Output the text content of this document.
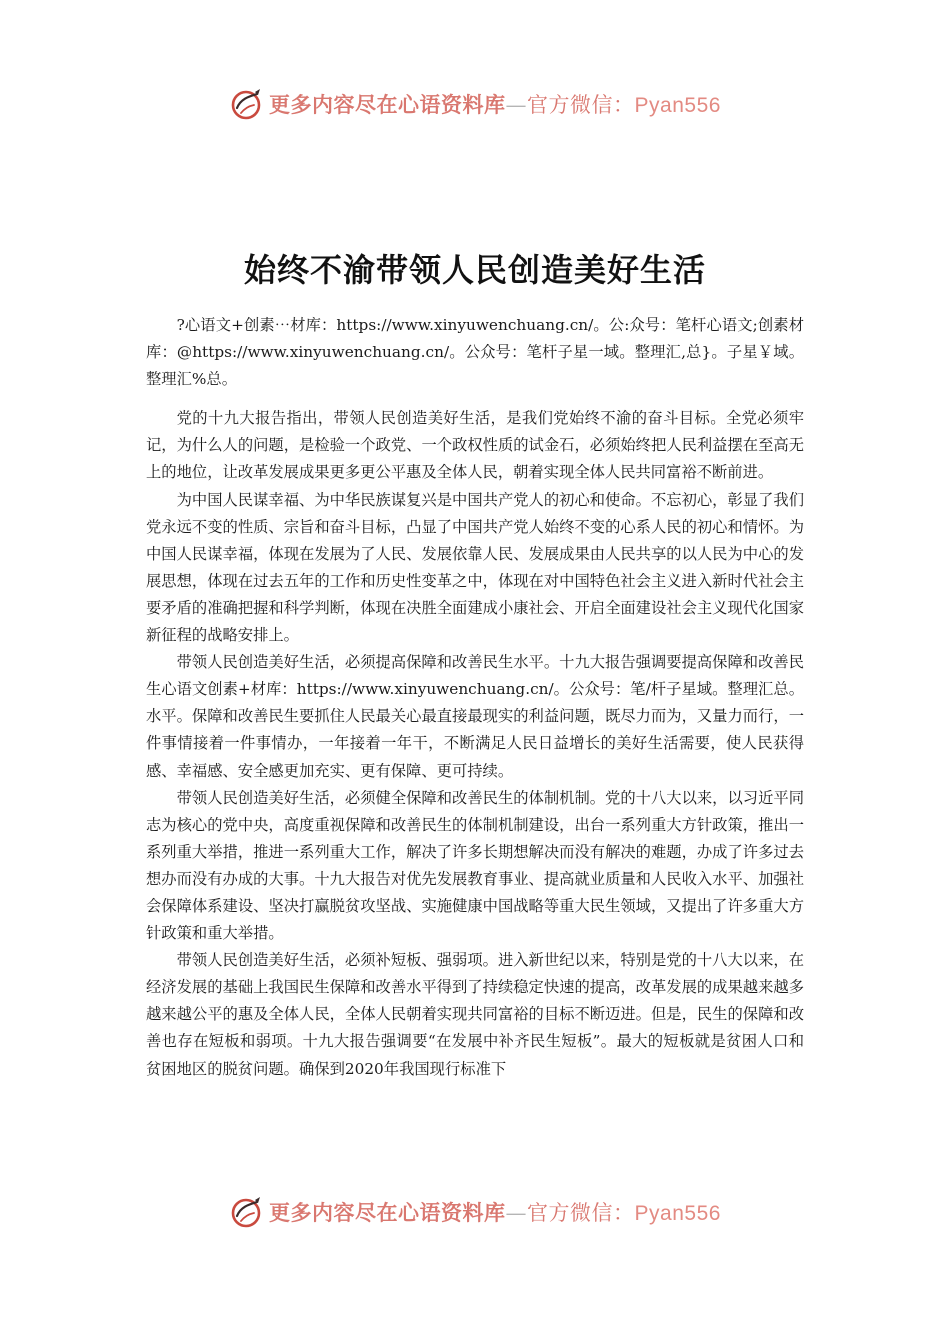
更多内容尽在心语资料库—官方微信：Pyan556
始终不渝带领人民创造美好生活

?心语文+创素⋯材库：https://www.xinyuwenchuang.cn/。公:众号：笔杆心语文;创素材库：@https://www.xinyuwenchuang.cn/。公众号：笔杆子星一域。整理汇,总}。子星￥域。整理汇%总。

党的十九大报告指出，带领人民创造美好生活，是我们党始终不渝的奋斗目标。全党必须牢记，为什么人的问题，是检验一个政党、一个政权性质的试金石，必须始终把人民利益摆在至高无上的地位，让改革发展成果更多更公平惠及全体人民，朝着实现全体人民共同富裕不断前进。

为中国人民谋幸福、为中华民族谋复兴是中国共产党人的初心和使命。不忘初心，彰显了我们党永远不变的性质、宗旨和奋斗目标，凸显了中国共产党人始终不变的心系人民的初心和情怀。为中国人民谋幸福，体现在发展为了人民、发展依靠人民、发展成果由人民共享的以人民为中心的发展思想，体现在过去五年的工作和历史性变革之中，体现在对中国特色社会主义进入新时代社会主要矛盾的准确把握和科学判断，体现在决胜全面建成小康社会、开启全面建设社会主义现代化国家新征程的战略安排上。

带领人民创造美好生活，必须提高保障和改善民生水平。十九大报告强调要提高保障和改善民生心语文创素+材库：https://www.xinyuwenchuang.cn/。公众号：笔/杆子星域。整理汇总。水平。保障和改善民生要抓住人民最关心最直接最现实的利益问题，既尽力而为，又量力而行，一件事情接着一件事情办，一年接着一年干，不断满足人民日益增长的美好生活需要，使人民获得感、幸福感、安全感更加充实、更有保障、更可持续。

带领人民创造美好生活，必须健全保障和改善民生的体制机制。党的十八大以来，以习近平同志为核心的党中央，高度重视保障和改善民生的体制机制建设，出台一系列重大方针政策，推出一系列重大举措，推进一系列重大工作，解决了许多长期想解决而没有解决的难题，办成了许多过去想办而没有办成的大事。十九大报告对优先发展教育事业、提高就业质量和人民收入水平、加强社会保障体系建设、坚决打赢脱贫攻坚战、实施健康中国战略等重大民生领域，又提出了许多重大方针政策和重大举措。

带领人民创造美好生活，必须补短板、强弱项。进入新世纪以来，特别是党的十八大以来，在经济发展的基础上我国民生保障和改善水平得到了持续稳定快速的提高，改革发展的成果越来越多越来越公平的惠及全体人民，全体人民朝着实现共同富裕的目标不断迈进。但是，民生的保障和改善也存在短板和弱项。十九大报告强调要“在发展中补齐民生短板”。最大的短板就是贫困人口和贫困地区的脱贫问题。确保到2020年我国现行标准下

更多内容尽在心语资料库—官方微信：Pyan556
